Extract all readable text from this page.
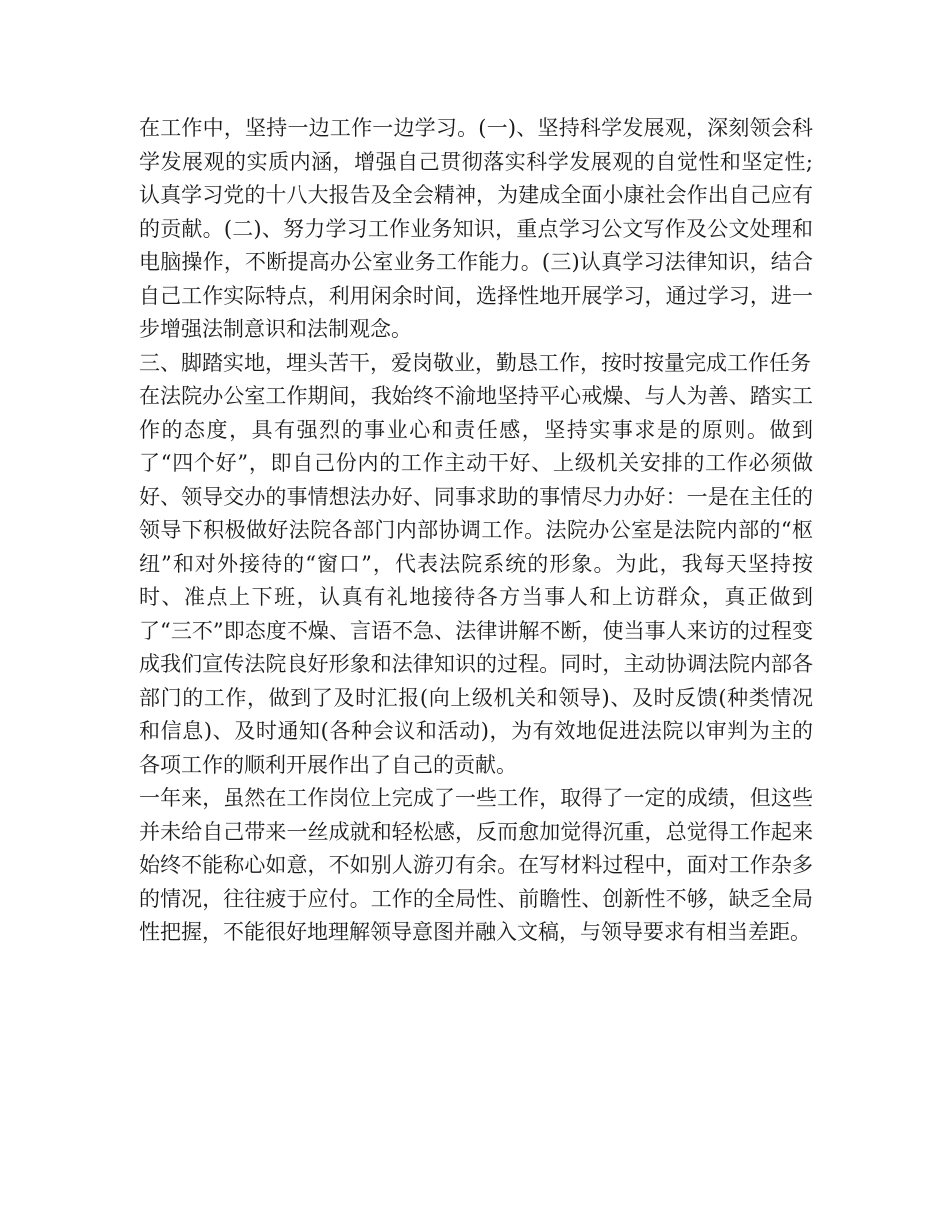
在工作中，坚持一边工作一边学习。(一)、坚持科学发展观，深刻领会科学发展观的实质内涵，增强自己贯彻落实科学发展观的自觉性和坚定性;认真学习党的十八大报告及全会精神，为建成全面小康社会作出自己应有的贡献。(二)、努力学习工作业务知识，重点学习公文写作及公文处理和电脑操作，不断提高办公室业务工作能力。(三)认真学习法律知识，结合自己工作实际特点，利用闲余时间，选择性地开展学习，通过学习，进一步增强法制意识和法制观念。

三、脚踏实地，埋头苦干，爱岗敬业，勤恳工作，按时按量完成工作任务

在法院办公室工作期间，我始终不渝地坚持平心戒燥、与人为善、踏实工作的态度，具有强烈的事业心和责任感，坚持实事求是的原则。做到了“四个好”，即自己份内的工作主动干好、上级机关安排的工作必须做好、领导交办的事情想法办好、同事求助的事情尽力办好：一是在主任的领导下积极做好法院各部门内部协调工作。法院办公室是法院内部的“枢纽”和对外接待的“窗口”，代表法院系统的形象。为此，我每天坚持按时、准点上下班，认真有礼地接待各方当事人和上访群众，真正做到了“三不”即态度不燥、言语不急、法律讲解不断，使当事人来访的过程变成我们宣传法院良好形象和法律知识的过程。同时，主动协调法院内部各部门的工作，做到了及时汇报(向上级机关和领导)、及时反馈(种类情况和信息)、及时通知(各种会议和活动)，为有效地促进法院以审判为主的各项工作的顺利开展作出了自己的贡献。

一年来，虽然在工作岗位上完成了一些工作，取得了一定的成绩，但这些并未给自己带来一丝成就和轻松感，反而愈加觉得沉重，总觉得工作起来始终不能称心如意，不如别人游刃有余。在写材料过程中，面对工作杂多的情况，往往疲于应付。工作的全局性、前瞻性、创新性不够，缺乏全局性把握，不能很好地理解领导意图并融入文稿，与领导要求有相当差距。
